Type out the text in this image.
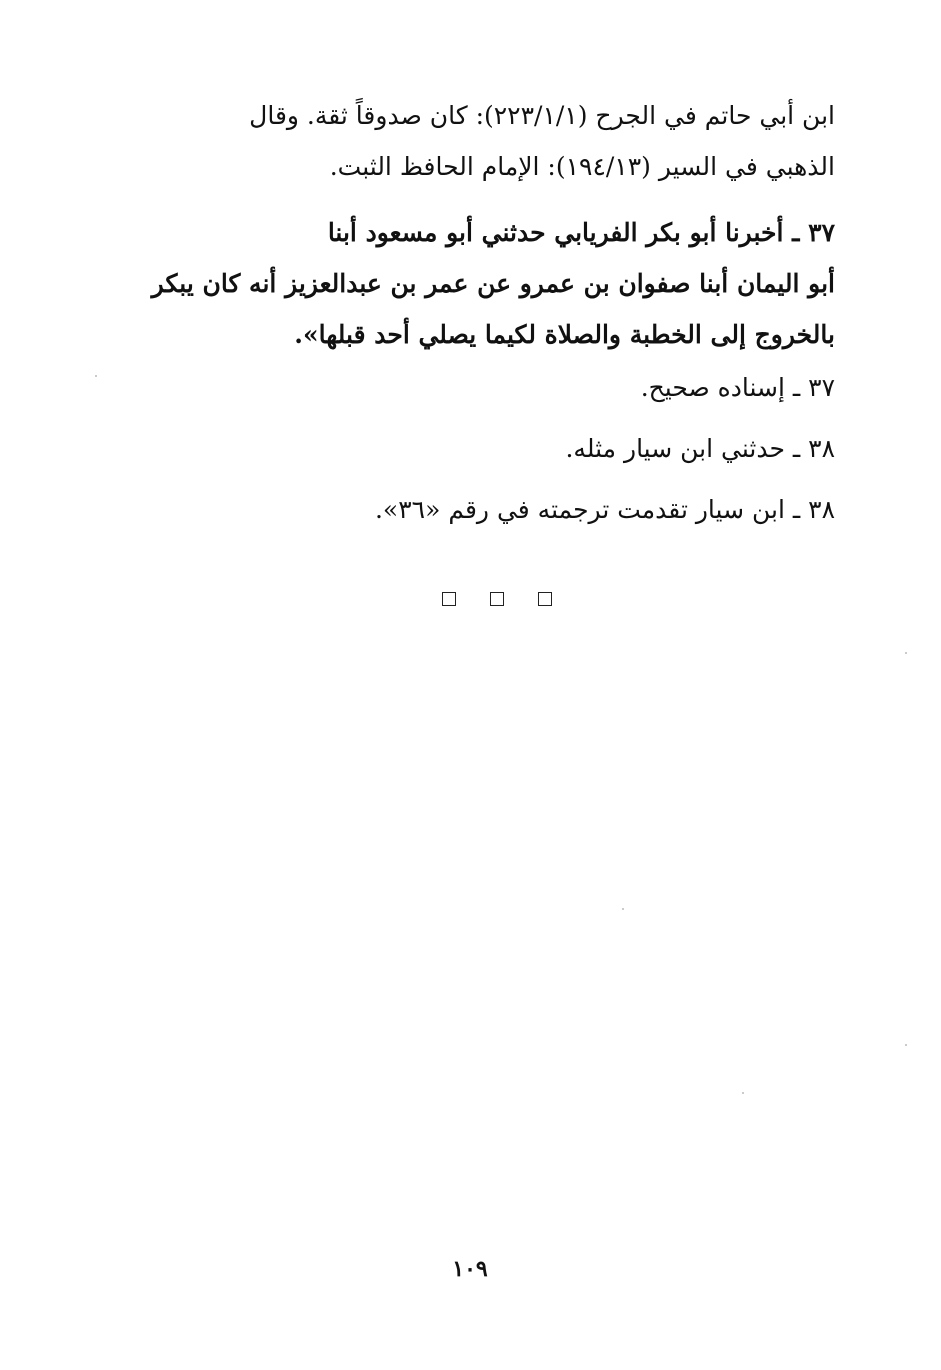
ابن أبي حاتم في الجرح (٢٢٣/١/١): كان صدوقاً ثقة. وقال
الذهبي في السير (١٩٤/١٣): الإمام الحافظ الثبت.

٣٧ ـ أخبرنا أبو بكر الفريابي حدثني أبو مسعود أبنا
أبو اليمان أبنا صفوان بن عمرو عن عمر بن عبدالعزيز أنه كان يبكر
بالخروج إلى الخطبة والصلاة لكيما يصلي أحد قبلها».

٣٧ ـ إسناده صحيح.

٣٨ ـ حدثني ابن سيار مثله.

٣٨ ـ ابن سيار تقدمت ترجمته في رقم «٣٦».

١٠٩
